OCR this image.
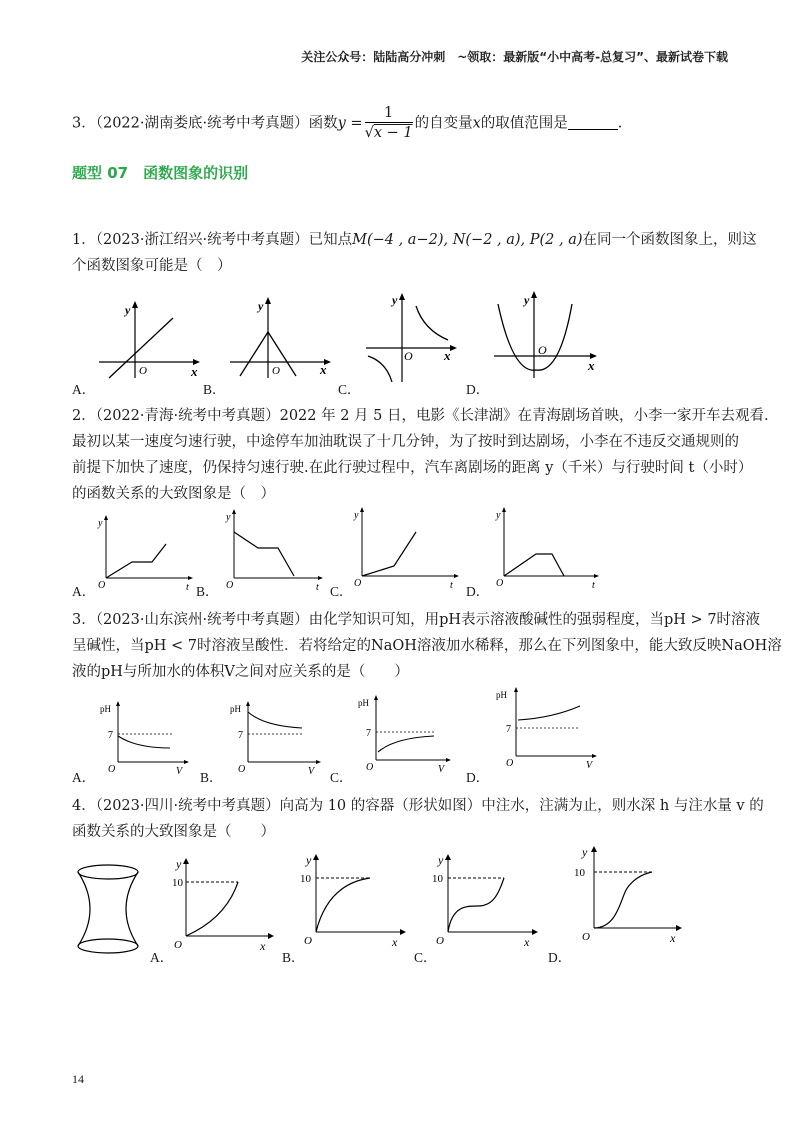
关注公众号：陆陆高分冲刺　~领取：最新版“小中高考-总复习”、最新试卷下载
3．（2022·湖南娄底·统考中考真题）函数$y = \frac{1}{√x - 1}$ 的自变量x的取值范围是	.
题型 07　函数图象的识别
1．（2023·浙江绍兴·统考中考真题）已知点M(−4 , a−2), N(−2 , a), P(2 , a)在同一个函数图象上，则这
个函数图象可能是（　）
A．
y
O	x
B．
y
O	x
C．
y
O x
D．
y
O
x
2．（2022·青海·统考中考真题）2022 年 2 月 5 日，电影《长津湖》在青海剧场首映，小李一家开车去观看.
最初以某一速度匀速行驶，中途停车加油耽误了十几分钟，为了按时到达剧场，小李在不违反交通规则的
前提下加快了速度，仍保持匀速行驶.在此行驶过程中，汽车离剧场的距离 y（千米）与行驶时间 t（小时）
的函数关系的大致图象是（　）
A．
y
O	t B．
y
O	t C．
y
O	t D．
y
O	t
3．（2023·山东滨州·统考中考真题）由化学知识可知，用pH表示溶液酸碱性的强弱程度，当pH > 7时溶液
呈碱性，当pH < 7时溶液呈酸性．若将给定的NaOH溶液加水稀释，那么在下列图象中，能大致反映NaOH溶
液的pH与所加水的体积V之间对应关系的是（　　）
A．
pH
7
O	V B．
pH
7
O	V C．
pH
7
O	V
D．
pH
7
O	V
4．（2023·四川·统考中考真题）向高为 10 的容器（形状如图）中注水，注满为止，则水深 h 与注水量 v 的
函数关系的大致图象是（　　）
A．
y
10
O	x
B．
y
10
O	x
C．
y
10
O	x
D．
y
10
O	x
14
